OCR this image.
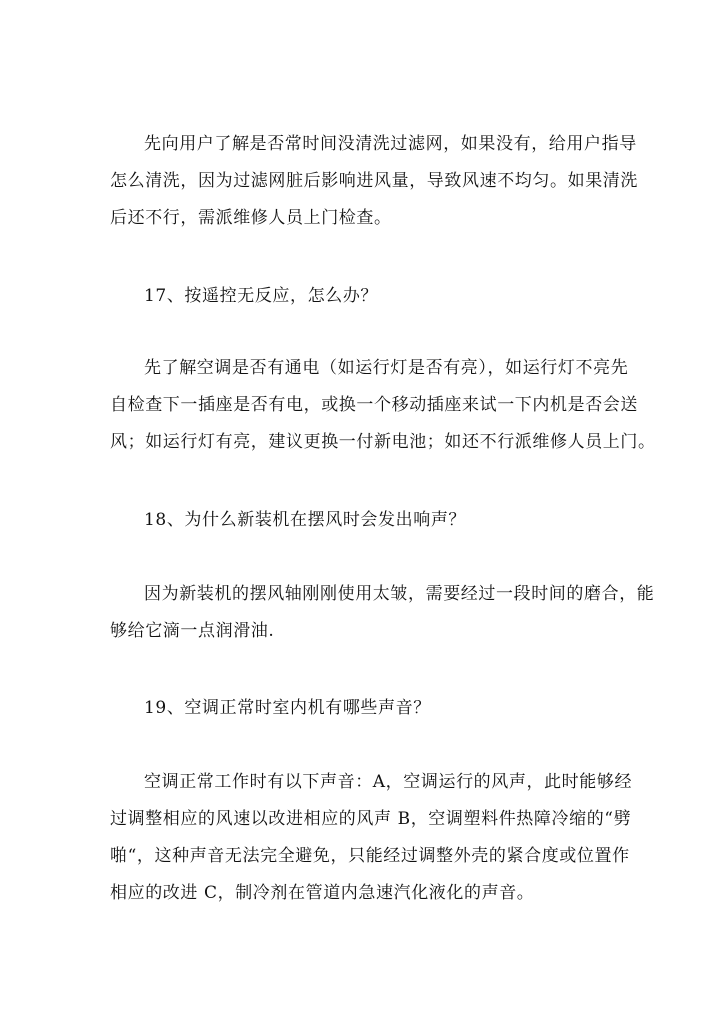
先向用户了解是否常时间没清洗过滤网，如果没有，给用户指导
怎么清洗，因为过滤网脏后影响进风量，导致风速不均匀。如果清洗
后还不行，需派维修人员上门检查。
17、按遥控无反应，怎么办？
先了解空调是否有通电（如运行灯是否有亮），如运行灯不亮先
自检查下一插座是否有电，或换一个移动插座来试一下内机是否会送
风；如运行灯有亮，建议更换一付新电池；如还不行派维修人员上门。
18、为什么新装机在摆风时会发出响声？
因为新装机的摆风轴刚刚使用太皱，需要经过一段时间的磨合，能
够给它滴一点润滑油.
19、空调正常时室内机有哪些声音？
空调正常工作时有以下声音：A，空调运行的风声，此时能够经
过调整相应的风速以改进相应的风声 B，空调塑料件热障冷缩的“劈
啪“，这种声音无法完全避免，只能经过调整外壳的紧合度或位置作
相应的改进 C，制冷剂在管道内急速汽化液化的声音。
